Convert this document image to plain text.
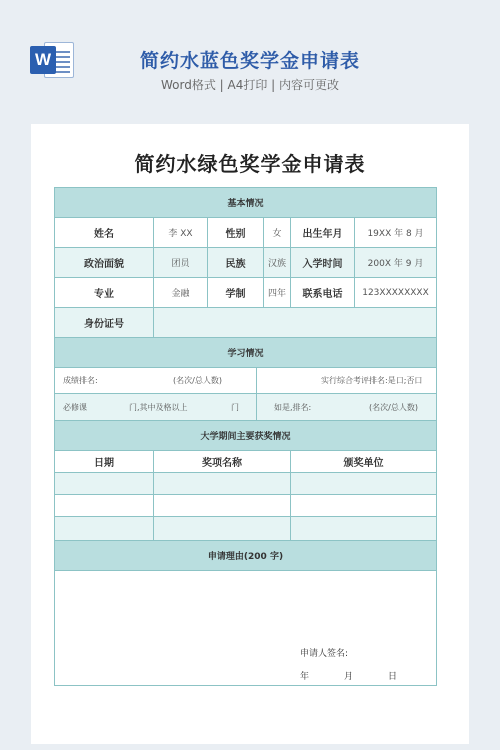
W	简约水蓝色奖学金申请表
Word格式 | A4打印 | 内容可更改
简约水绿色奖学金申请表
基本情况
姓名	李 XX	性别	女	出生年月	19XX 年 8 月
政治面貌	团员	民族	汉族	入学时间	200X 年 9 月
专业	金融	学制	四年	联系电话	123XXXXXXXX
身份证号
学习情况
成绩排名:	(名次/总人数)	实行综合考评排名:是口;否口
必修课	门,其中及格以上	门	如是,排名:	(名次/总人数)
大学期间主要获奖情况
日期	奖项名称	颁奖单位
申请理由(200 字)
申请人签名:
年	月	日
